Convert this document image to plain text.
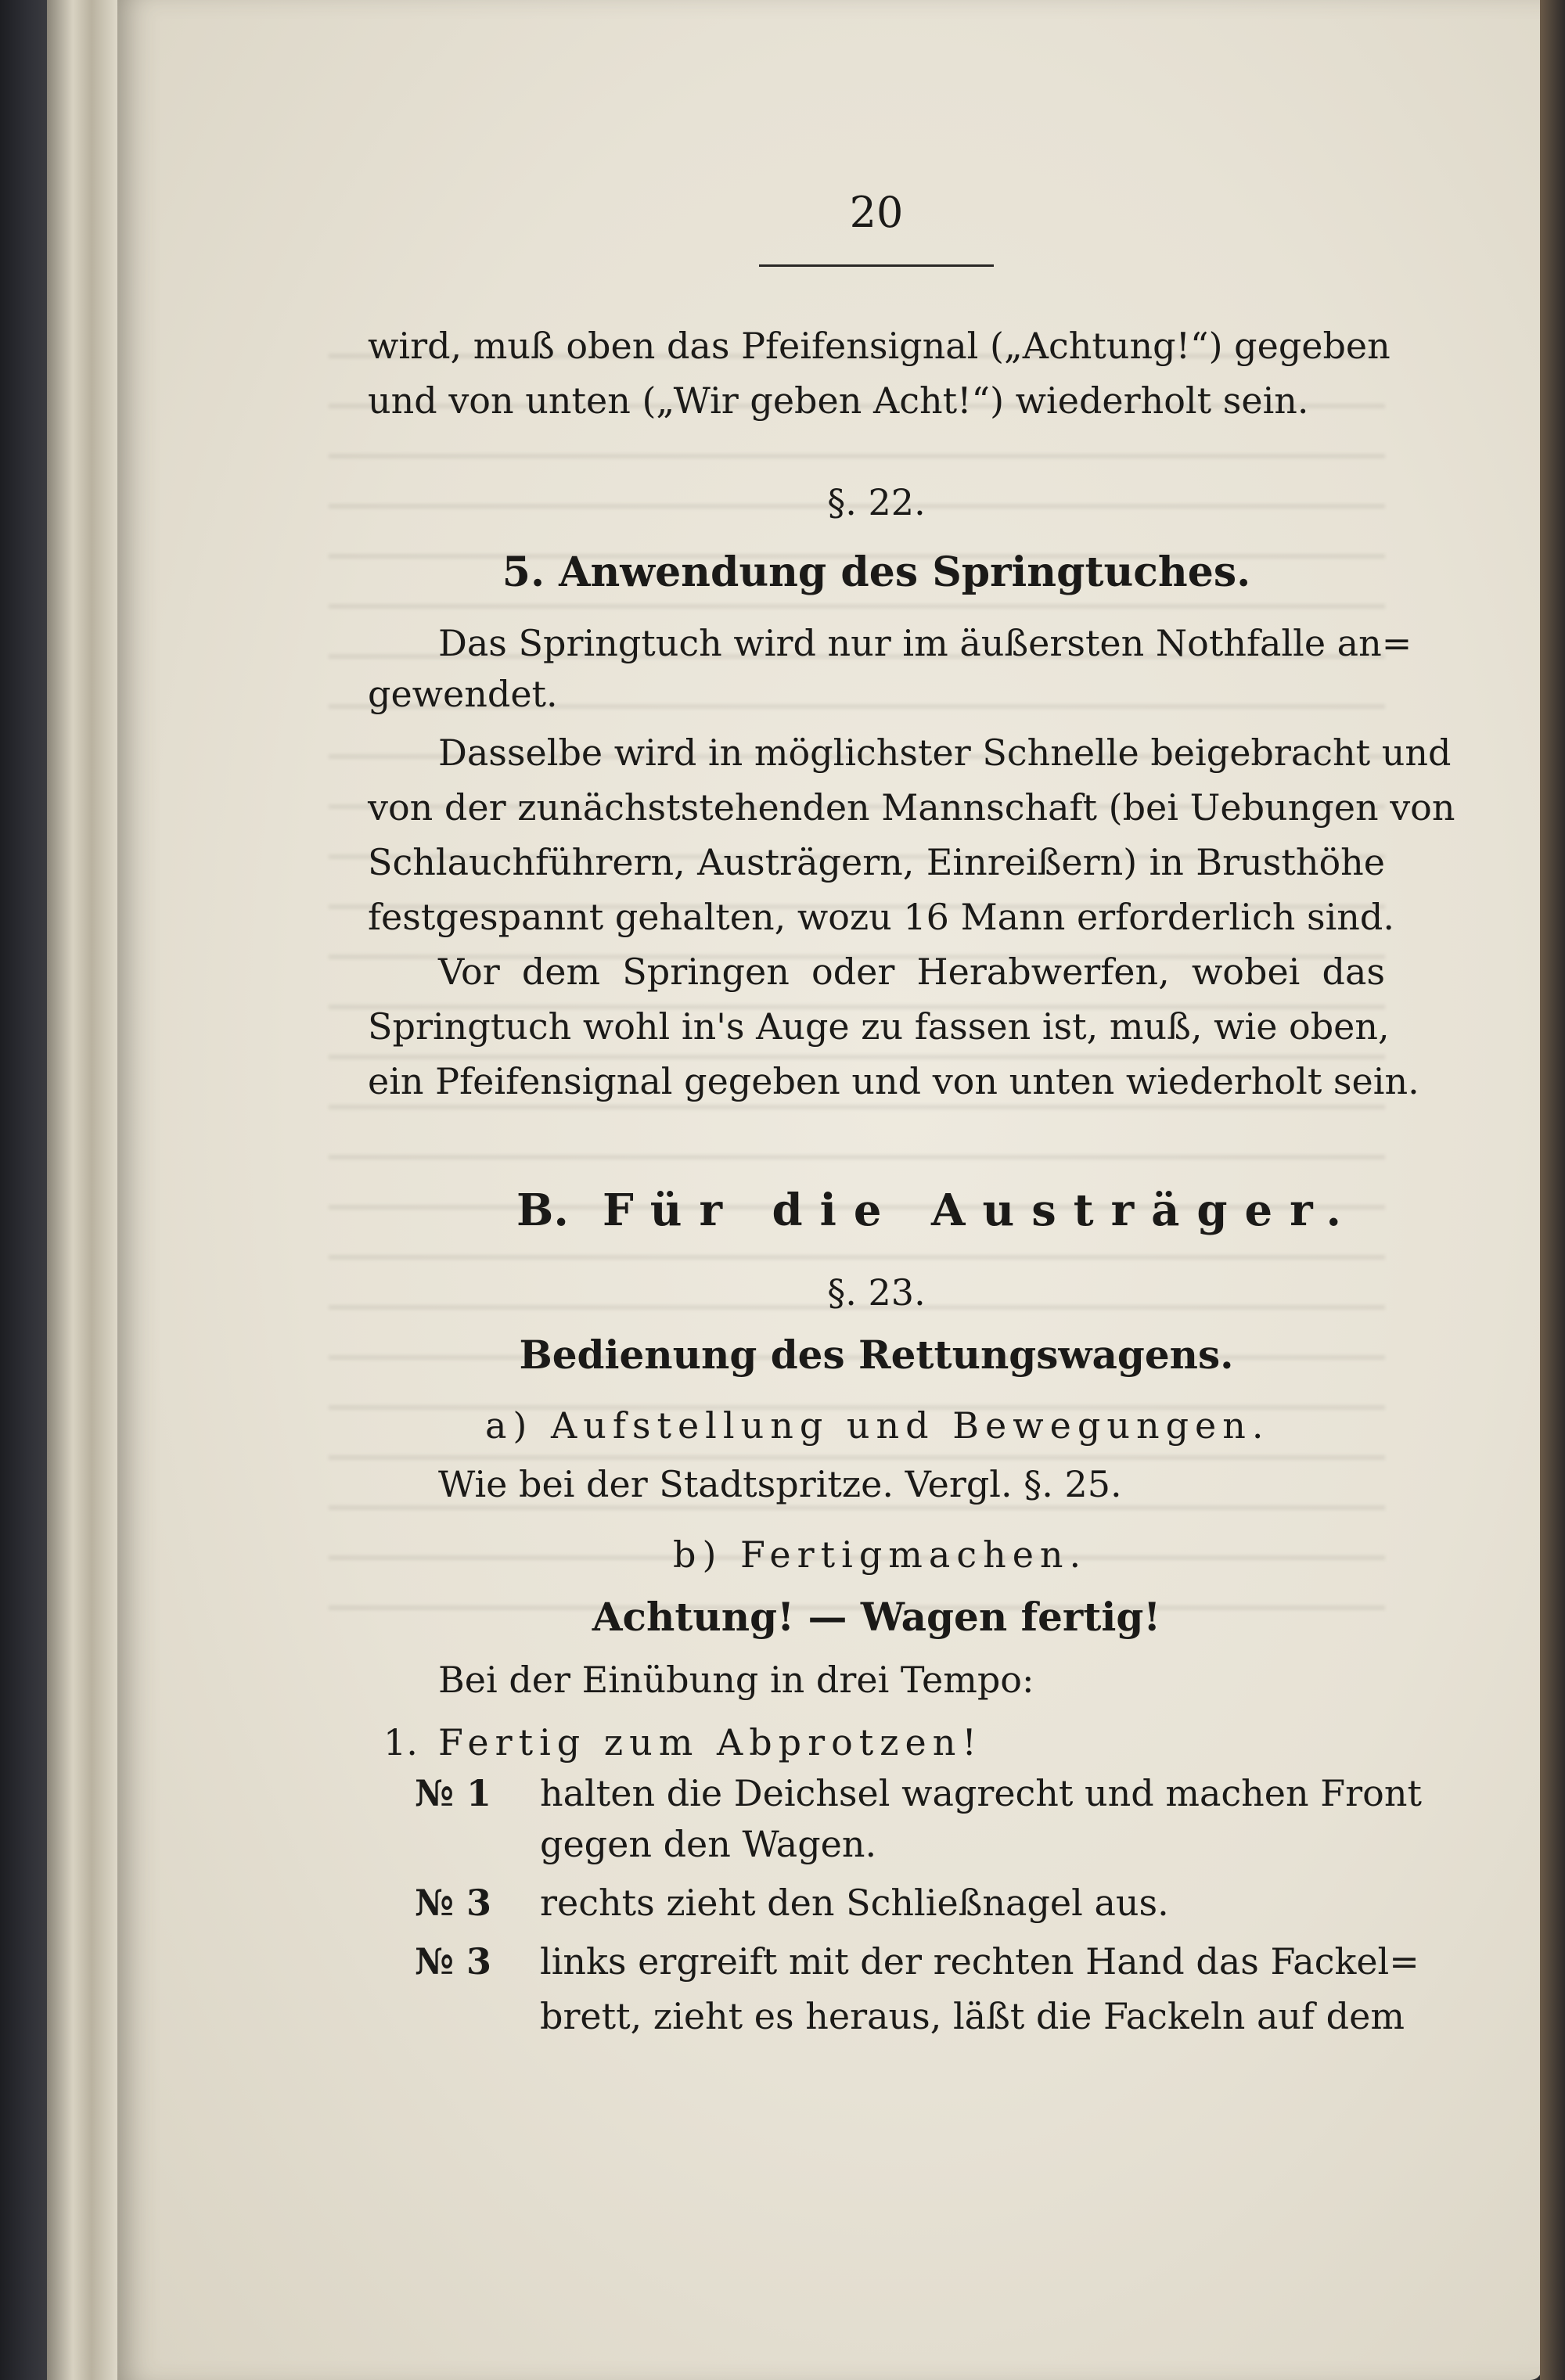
20
wird, muß oben das Pfeifensignal („Achtung!“) gegeben
und von unten („Wir geben Acht!“) wiederholt sein.
§. 22.
5. Anwendung des Springtuches.
Das Springtuch wird nur im äußersten Nothfalle an=
gewendet.
Dasselbe wird in möglichster Schnelle beigebracht und
von der zunächststehenden Mannschaft (bei Uebungen von
Schlauchführern, Austrägern, Einreißern) in Brusthöhe
festgespannt gehalten, wozu 16 Mann erforderlich sind.
Vor dem Springen oder Herabwerfen, wobei das
Springtuch wohl in's Auge zu fassen ist, muß, wie oben,
ein Pfeifensignal gegeben und von unten wiederholt sein.
B. Für die Austräger.
§. 23.
Bedienung des Rettungswagens.
a) Aufstellung und Bewegungen.
Wie bei der Stadtspritze. Vergl. §. 25.
b) Fertigmachen.
Achtung! — Wagen fertig!
Bei der Einübung in drei Tempo:
1. Fertig zum Abprotzen!
№ 1	halten die Deichsel wagrecht und machen Front
gegen den Wagen.
№ 3	rechts zieht den Schließnagel aus.
№ 3	links ergreift mit der rechten Hand das Fackel=
brett, zieht es heraus, läßt die Fackeln auf dem
